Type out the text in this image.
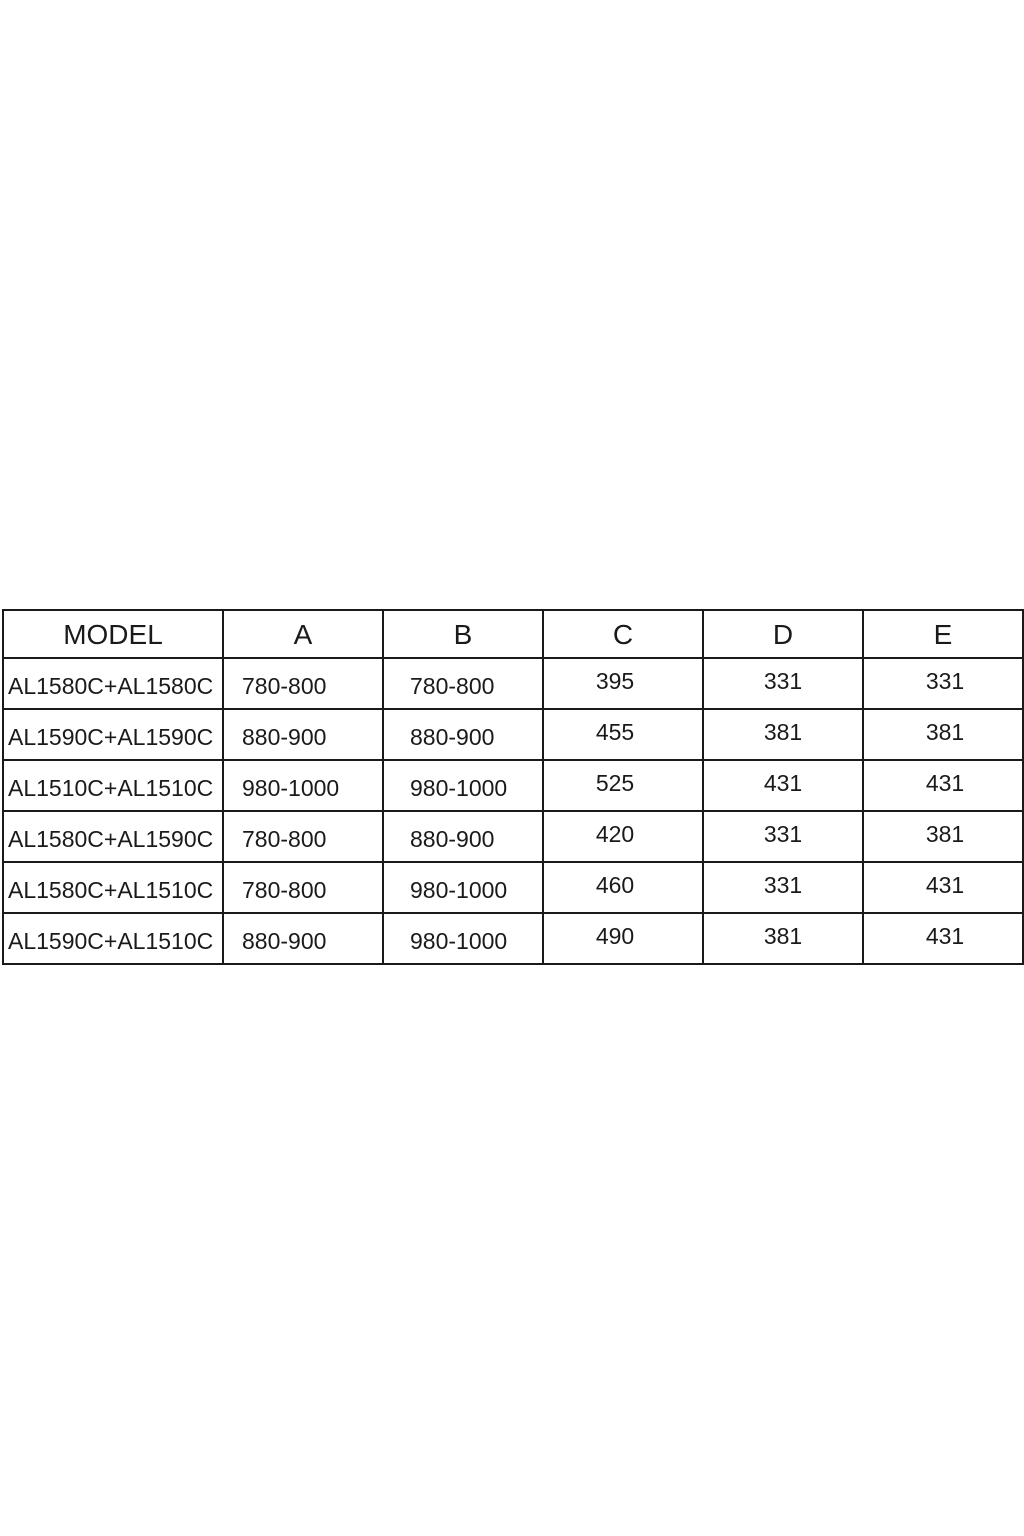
MODEL	A	B	C	D	E
AL1580C+AL1580C	780-800	780-800	395	331	331
AL1590C+AL1590C	880-900	880-900	455	381	381
AL1510C+AL1510C	980-1000	980-1000	525	431	431
AL1580C+AL1590C	780-800	880-900	420	331	381
AL1580C+AL1510C	780-800	980-1000	460	331	431
AL1590C+AL1510C	880-900	980-1000	490	381	431
